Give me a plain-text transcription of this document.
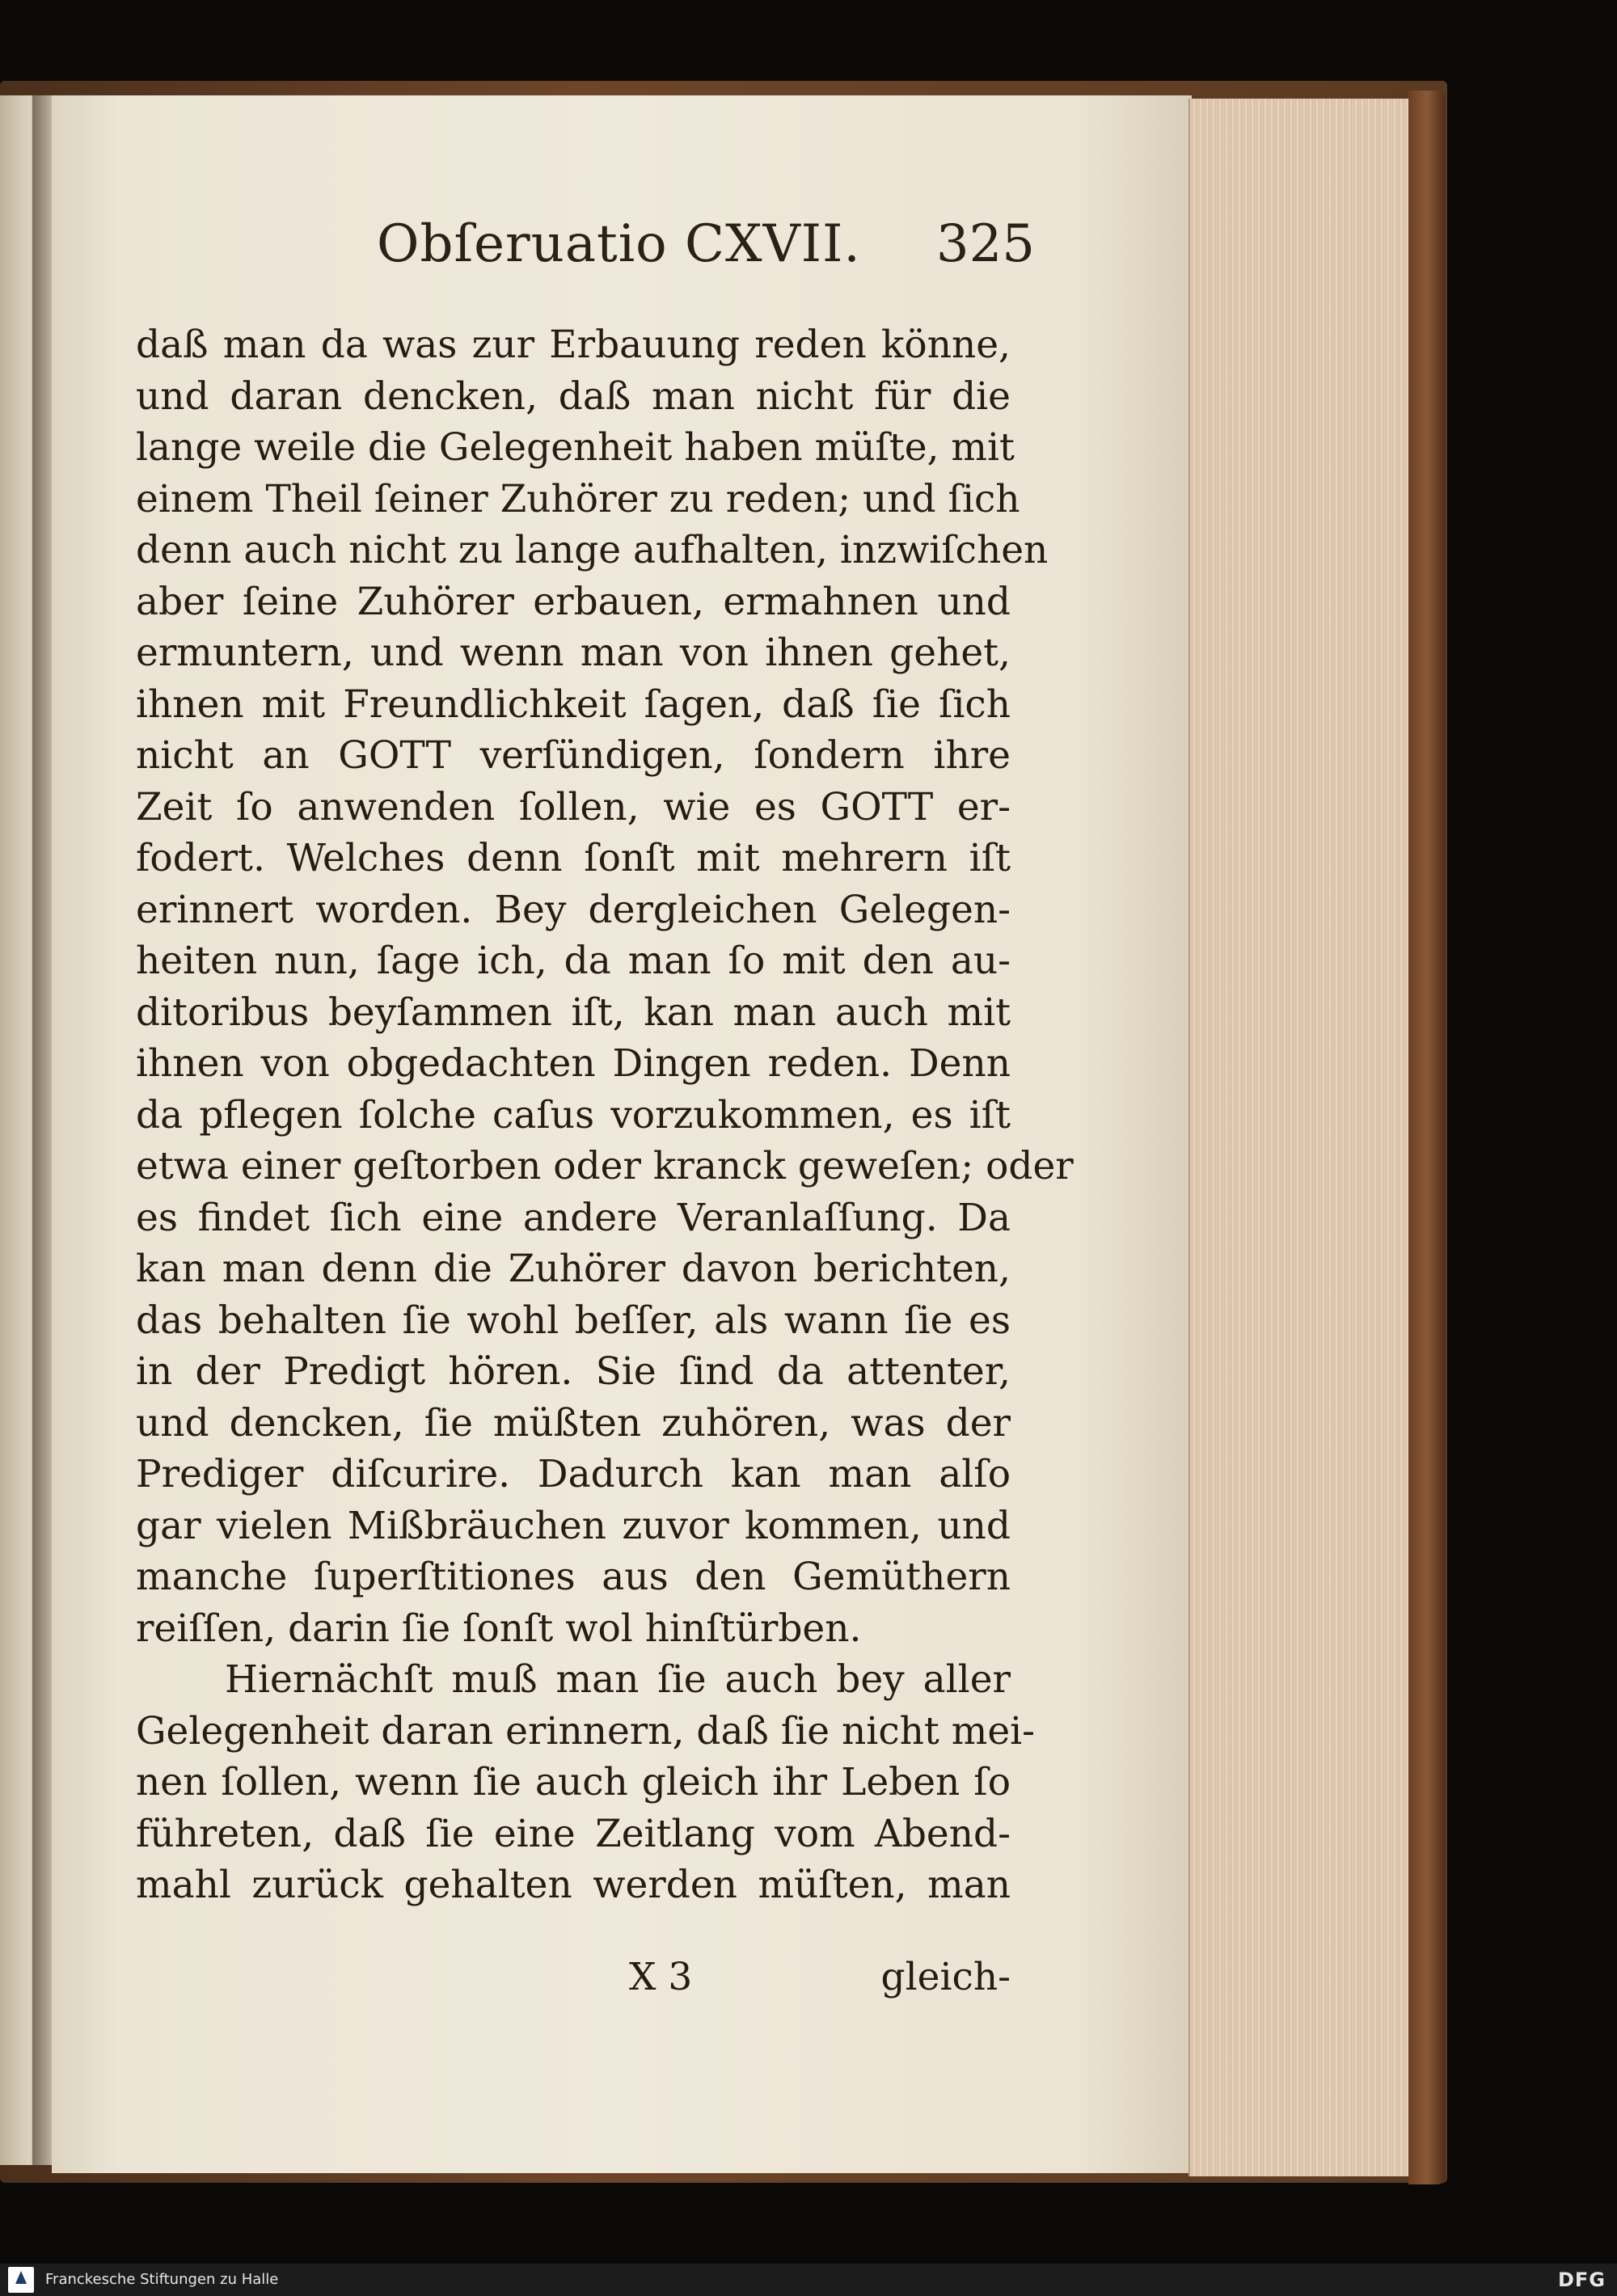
Obſeruatio CXVII. 325
daß man da was zur Erbauung reden könne,
und daran dencken, daß man nicht für die
lange weile die Gelegenheit haben müſte, mit
einem Theil ſeiner Zuhörer zu reden; und ſich
denn auch nicht zu lange aufhalten, inzwiſchen
aber ſeine Zuhörer erbauen, ermahnen und
ermuntern, und wenn man von ihnen gehet,
ihnen mit Freundlichkeit ſagen, daß ſie ſich
nicht an GOTT verſündigen, ſondern ihre
Zeit ſo anwenden ſollen, wie es GOTT er-
fodert. Welches denn ſonſt mit mehrern iſt
erinnert worden. Bey dergleichen Gelegen-
heiten nun, ſage ich, da man ſo mit den au-
ditoribus beyſammen iſt, kan man auch mit
ihnen von obgedachten Dingen reden. Denn
da pflegen ſolche caſus vorzukommen, es iſt
etwa einer geſtorben oder kranck geweſen; oder
es findet ſich eine andere Veranlaſſung. Da
kan man denn die Zuhörer davon berichten,
das behalten ſie wohl beſſer, als wann ſie es
in der Predigt hören. Sie ſind da attenter,
und dencken, ſie müßten zuhören, was der
Prediger diſcurire. Dadurch kan man alſo
gar vielen Mißbräuchen zuvor kommen, und
manche ſuperſtitiones aus den Gemüthern
reiſſen, darin ſie ſonſt wol hinſtürben.
Hiernächſt muß man ſie auch bey aller
Gelegenheit daran erinnern, daß ſie nicht mei-
nen ſollen, wenn ſie auch gleich ihr Leben ſo
führeten, daß ſie eine Zeitlang vom Abend-
mahl zurück gehalten werden müſten, man
X 3	gleich-
Franckesche Stiftungen zu Halle	DFG
